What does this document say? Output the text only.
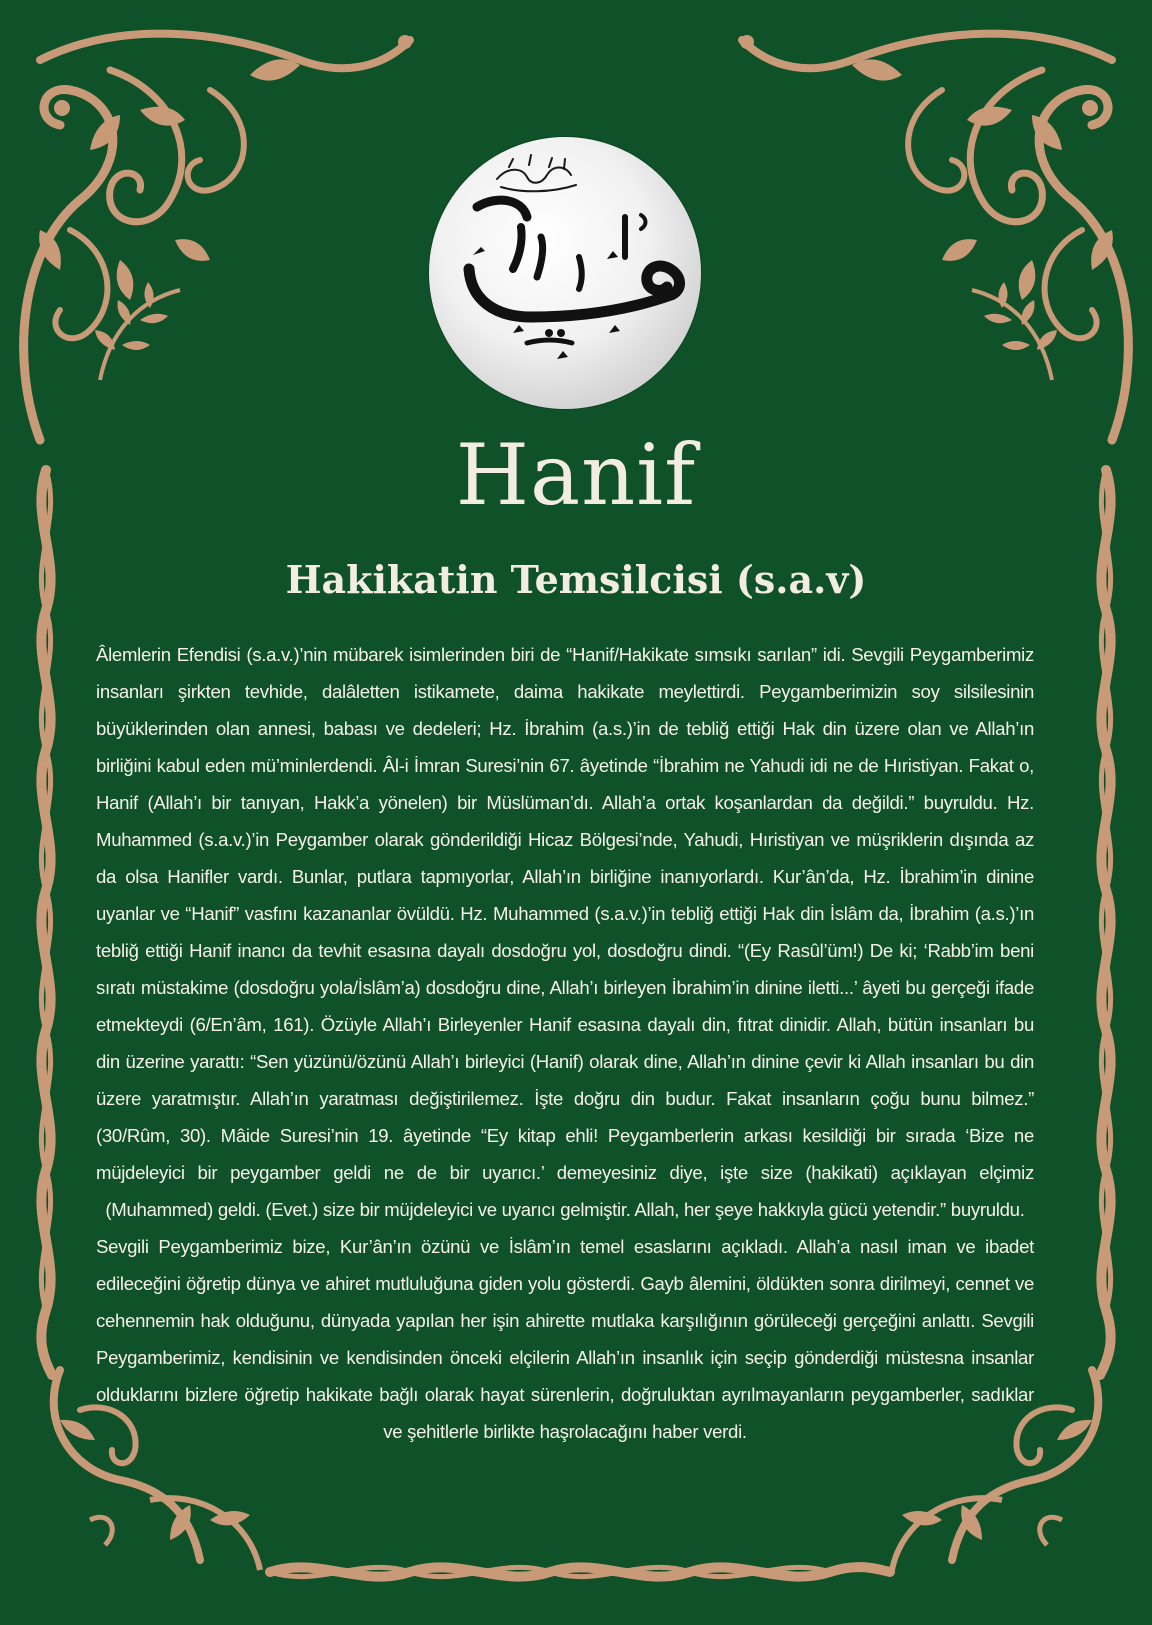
Hanif
Hakikatin Temsilcisi (s.a.v)

Âlemlerin Efendisi (s.a.v.)’nin mübarek isimlerinden biri de “Hanif/Hakikate sımsıkı sarılan” idi. Sevgili Peygamberimiz insanları şirkten tevhide, dalâletten istikamete, daima hakikate meylettirdi. Peygamberimizin soy silsilesinin büyüklerinden olan annesi, babası ve dedeleri; Hz. İbrahim (a.s.)’in de tebliğ ettiği Hak din üzere olan ve Allah’ın birliğini kabul eden mü’minlerdendi. Âl-i İmran Suresi’nin 67. âyetinde “İbrahim ne Yahudi idi ne de Hıristiyan. Fakat o, Hanif (Allah’ı bir tanıyan, Hakk’a yönelen) bir Müslüman’dı. Allah’a ortak koşanlardan da değildi.” buyruldu. Hz. Muhammed (s.a.v.)’in Peygamber olarak gönderildiği Hicaz Bölgesi’nde, Yahudi, Hıristiyan ve müşriklerin dışında az da olsa Hanifler vardı. Bunlar, putlara tapmıyorlar, Allah’ın birliğine inanıyorlardı. Kur’ân’da, Hz. İbrahim’in dinine uyanlar ve “Hanif” vasfını kazananlar övüldü. Hz. Muhammed (s.a.v.)’in tebliğ ettiği Hak din İslâm da, İbrahim (a.s.)’ın tebliğ ettiği Hanif inancı da tevhit esasına dayalı dosdoğru yol, dosdoğru dindi. “(Ey Rasûl’üm!) De ki; ‘Rabb’im beni sıratı müstakime (dosdoğru yola/İslâm’a) dosdoğru dine, Allah’ı birleyen İbrahim’in dinine iletti...’ âyeti bu gerçeği ifade etmekteydi (6/En’âm, 161). Özüyle Allah’ı Birleyenler Hanif esasına dayalı din, fıtrat dinidir. Allah, bütün insanları bu din üzerine yarattı: “Sen yüzünü/özünü Allah’ı birleyici (Hanif) olarak dine, Allah’ın dinine çevir ki Allah insanları bu din üzere yaratmıştır. Allah’ın yaratması değiştirilemez. İşte doğru din budur. Fakat insanların çoğu bunu bilmez.” (30/Rûm, 30). Mâide Suresi’nin 19. âyetinde “Ey kitap ehli! Peygamberlerin arkası kesildiği bir sırada ‘Bize ne müjdeleyici bir peygamber geldi ne de bir uyarıcı.’ demeyesiniz diye, işte size (hakikati) açıklayan elçimiz (Muhammed) geldi. (Evet.) size bir müjdeleyici ve uyarıcı gelmiştir. Allah, her şeye hakkıyla gücü yetendir.” buyruldu.

Sevgili Peygamberimiz bize, Kur’ân’ın özünü ve İslâm’ın temel esaslarını açıkladı. Allah’a nasıl iman ve ibadet edileceğini öğretip dünya ve ahiret mutluluğuna giden yolu gösterdi. Gayb âlemini, öldükten sonra dirilmeyi, cennet ve cehennemin hak olduğunu, dünyada yapılan her işin ahirette mutlaka karşılığının görüleceği gerçeğini anlattı. Sevgili Peygamberimiz, kendisinin ve kendisinden önceki elçilerin Allah’ın insanlık için seçip gönderdiği müstesna insanlar olduklarını bizlere öğretip hakikate bağlı olarak hayat sürenlerin, doğruluktan ayrılmayanların peygamberler, sadıklar ve şehitlerle birlikte haşrolacağını haber verdi.
